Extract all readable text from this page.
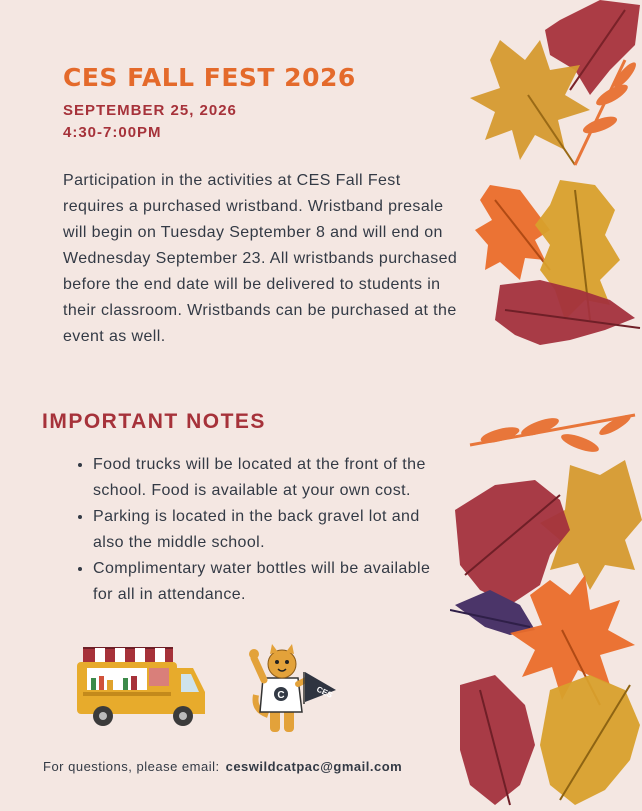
CES FALL FEST 2026
SEPTEMBER 25, 2026
4:30-7:00PM
Participation in the activities at CES Fall Fest requires a purchased wristband. Wristband presale will begin on Tuesday September 8 and will end on Wednesday September 23. All wristbands purchased before the end date will be delivered to students in their classroom. Wristbands can be purchased at the event as well.
IMPORTANT NOTES
• Food trucks will be located at the front of the school. Food is available at your own cost.
• Parking is located in the back gravel lot and also the middle school.
• Complimentary water bottles will be available for all in attendance.
C	CES
For questions, please email: ceswildcatpac@gmail.com
